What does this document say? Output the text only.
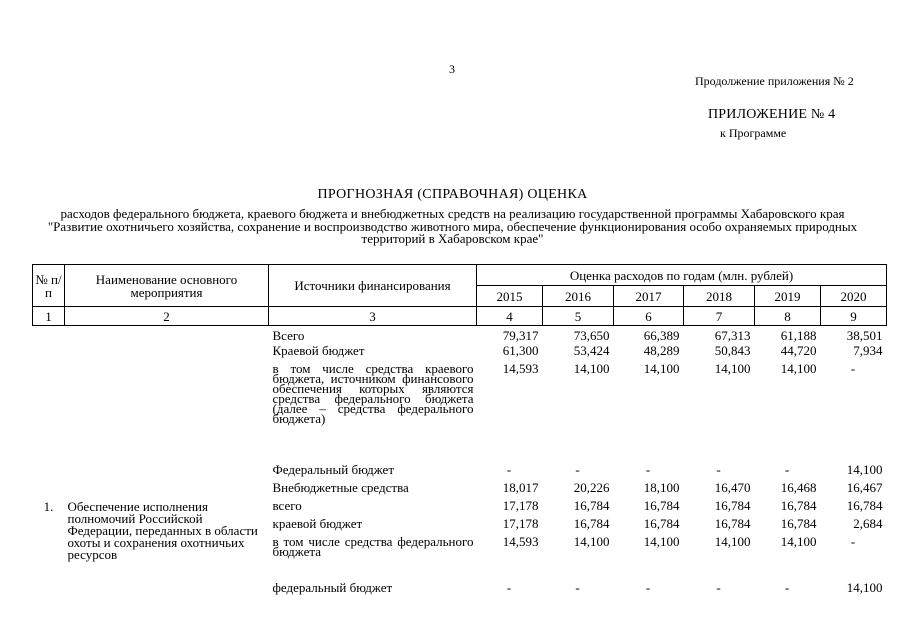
3
Продолжение приложения № 2
ПРИЛОЖЕНИЕ № 4
к Программе
ПРОГНОЗНАЯ (СПРАВОЧНАЯ) ОЦЕНКА
расходов федерального бюджета, краевого бюджета и внебюджетных средств на реализацию государственной программы Хабаровского края "Развитие охотничьего хозяйства, сохранение и воспроизводство животного мира, обеспечение функционирования особо охраняемых природных территорий в Хабаровском крае"
№ п/п	Наименование основного мероприятия	Источники финансирования	Оценка расходов по годам (млн. рублей)					
			2015	2016	2017	2018	2019	2020
1	2	3	4	5	6	7	8	9
		Всего	79,317	73,650	66,389	67,313	61,188	38,501
		Краевой бюджет	61,300	53,424	48,289	50,843	44,720	7,934
		в том числе средства краевого бюджета, источником финансового обеспечения которых являются средства федерального бюджета (далее – средства федерального бюджета)	14,593	14,100	14,100	14,100	14,100	-
		Федеральный бюджет	-	-	-	-	-	14,100
		Внебюджетные средства	18,017	20,226	18,100	16,470	16,468	16,467
1.	Обеспечение исполнения полномочий Российской Федерации, переданных в области охоты и сохранения охотничьих ресурсов	всего	17,178	16,784	16,784	16,784	16,784	16,784
		краевой бюджет	17,178	16,784	16,784	16,784	16,784	2,684
		в том числе средства федерального бюджета	14,593	14,100	14,100	14,100	14,100	-
		федеральный бюджет	-	-	-	-	-	14,100
